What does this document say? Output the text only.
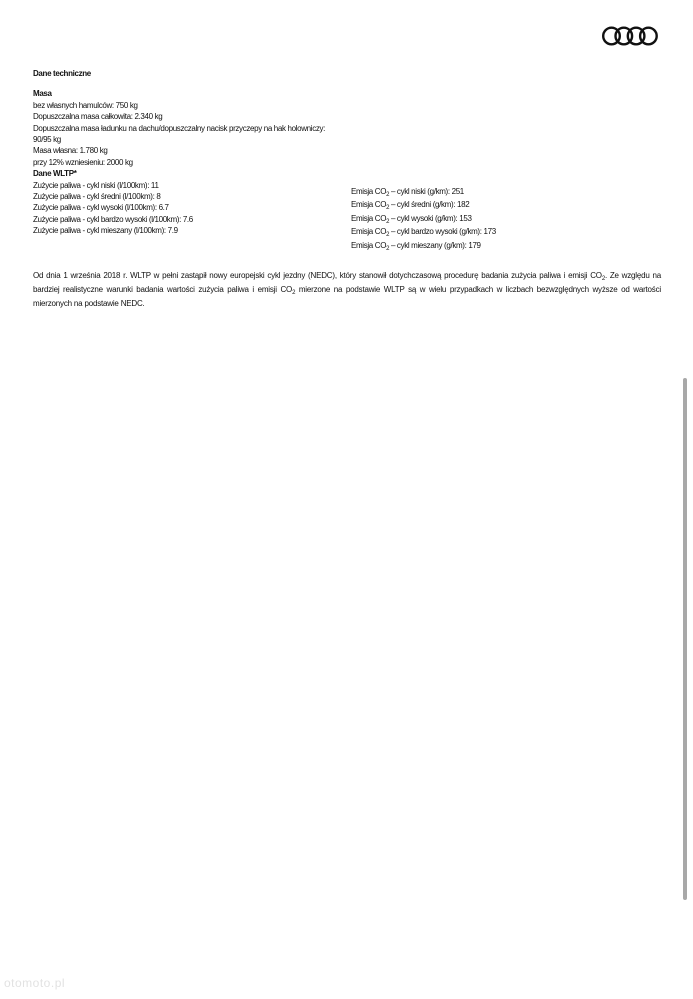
Dane techniczne
Masa
bez własnych hamulców: 750 kg
Dopuszczalna masa całkowita: 2.340 kg
Dopuszczalna masa ładunku na dachu/dopuszczalny nacisk przyczepy na hak holowniczy:
90/95 kg
Masa własna: 1.780 kg
przy 12% wzniesieniu: 2000 kg
Dane WLTP*
Zużycie paliwa - cykl niski (l/100km): 11
Zużycie paliwa - cykl średni (l/100km): 8
Zużycie paliwa - cykl wysoki (l/100km): 6.7
Zużycie paliwa - cykl bardzo wysoki (l/100km): 7.6
Zużycie paliwa - cykl mieszany (l/100km): 7.9
Emisja $CO_2$ – cykl niski (g/km): 251
Emisja $CO_2$ – cykl średni (g/km): 182
Emisja $CO_2$ – cykl wysoki (g/km): 153
Emisja $CO_2$ – cykl bardzo wysoki (g/km): 173
Emisja $CO_2$ – cykl mieszany (g/km): 179
Od dnia 1 września 2018 r. WLTP w pełni zastąpił nowy europejski cykl jezdny (NEDC), który stanowił dotychczasową procedurę badania zużycia paliwa i emisji $CO_2$. Ze względu na bardziej realistyczne warunki badania wartości zużycia paliwa i emisji $CO_2$ mierzone na podstawie WLTP są w wielu przypadkach w liczbach bezwzględnych wyższe od wartości mierzonych na podstawie NEDC.
otomoto.pl
